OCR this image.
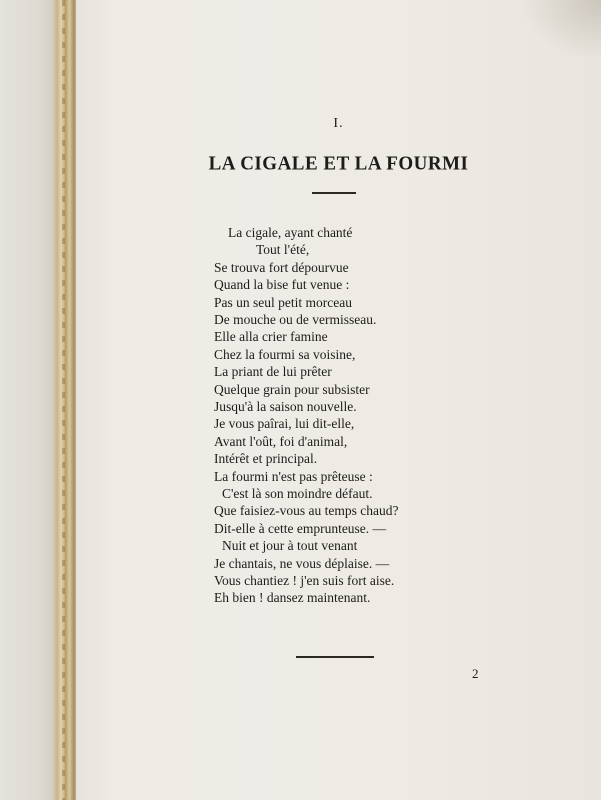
I.
LA CIGALE ET LA FOURMI
La cigale, ayant chanté
Tout l'été,
Se trouva fort dépourvue
Quand la bise fut venue :
Pas un seul petit morceau
De mouche ou de vermisseau.
Elle alla crier famine
Chez la fourmi sa voisine,
La priant de lui prêter
Quelque grain pour subsister
Jusqu'à la saison nouvelle.
Je vous paîrai, lui dit-elle,
Avant l'oût, foi d'animal,
Intérêt et principal.
La fourmi n'est pas prêteuse :
C'est là son moindre défaut.
Que faisiez-vous au temps chaud?
Dit-elle à cette emprunteuse. —
Nuit et jour à tout venant
Je chantais, ne vous déplaise. —
Vous chantiez ! j'en suis fort aise.
Eh bien ! dansez maintenant.
2
